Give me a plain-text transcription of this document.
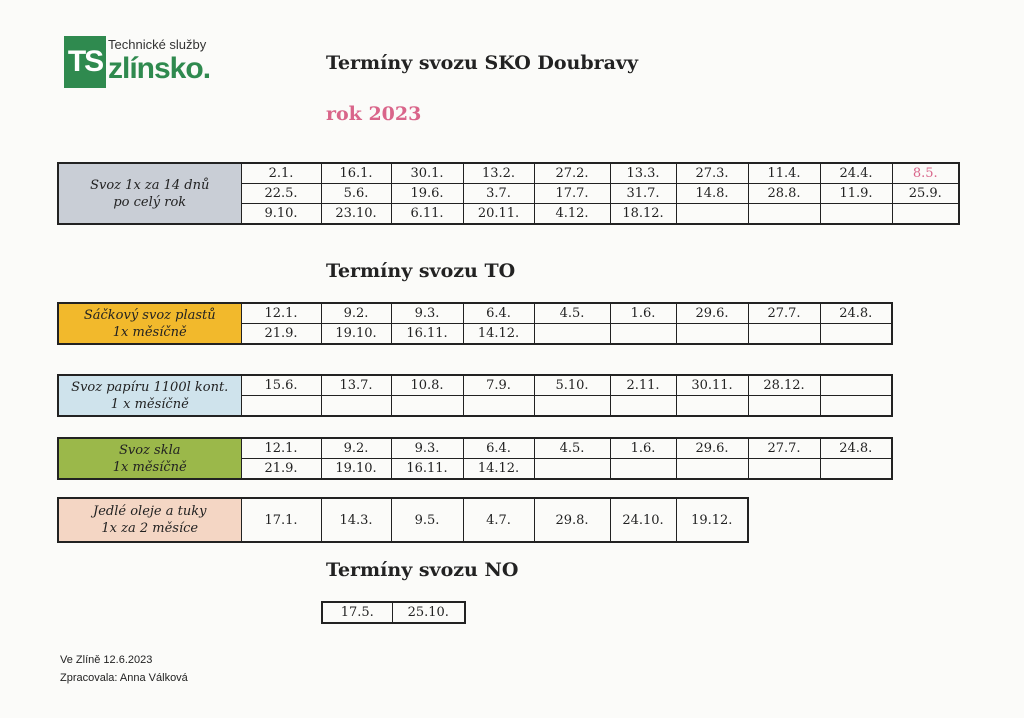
TS
Technické služby
zlínsko.	Termíny svozu SKO Doubravy
rok 2023
Svoz 1x za 14 dnů
po celý rok	2.1.	16.1.	30.1.	13.2.	27.2.	13.3.	27.3.	11.4.	24.4.	8.5.
	22.5.	5.6.	19.6.	3.7.	17.7.	31.7.	14.8.	28.8.	11.9.	25.9.
	9.10.	23.10.	6.11.	20.11.	4.12.	18.12.				
Termíny svozu TO
Sáčkový svoz plastů
1x měsíčně	12.1.	9.2.	9.3.	6.4.	4.5.	1.6.	29.6.	27.7.	24.8.
	21.9.	19.10.	16.11.	14.12.					
Svoz papíru 1100l kont.
1 x měsíčně	15.6.	13.7.	10.8.	7.9.	5.10.	2.11.	30.11.	28.12.	

Svoz skla
1x měsíčně	12.1.	9.2.	9.3.	6.4.	4.5.	1.6.	29.6.	27.7.	24.8.
	21.9.	19.10.	16.11.	14.12.					
Jedlé oleje a tuky
1x za 2 měsíce
	17.1.	14.3.	9.5.	4.7.	29.8.	24.10.	19.12.
Termíny svozu NO
17.5.	25.10.
Ve Zlíně 12.6.2023
Zpracovala: Anna Válková
